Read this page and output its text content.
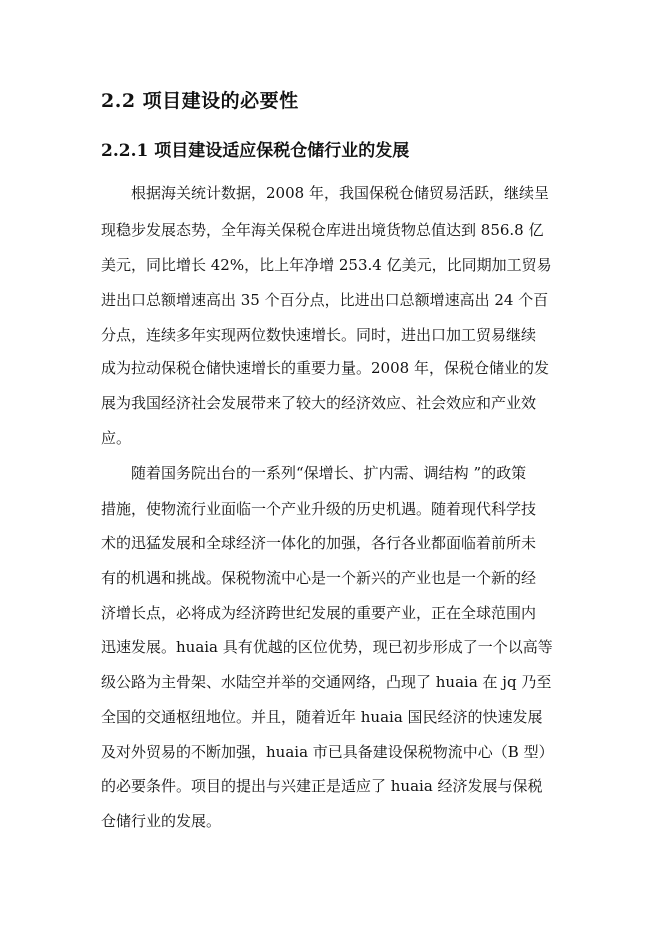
2.2 项目建设的必要性
2.2.1 项目建设适应保税仓储行业的发展
根据海关统计数据，2008 年，我国保税仓储贸易活跃，继续呈
现稳步发展态势，全年海关保税仓库进出境货物总值达到 856.8 亿
美元，同比增长 42%，比上年净增 253.4 亿美元，比同期加工贸易
进出口总额增速高出 35 个百分点，比进出口总额增速高出 24 个百
分点，连续多年实现两位数快速增长。同时，进出口加工贸易继续
成为拉动保税仓储快速增长的重要力量。2008 年，保税仓储业的发
展为我国经济社会发展带来了较大的经济效应、社会效应和产业效
应。
随着国务院出台的一系列“保增长、扩内需、调结构 ”的政策
措施，使物流行业面临一个产业升级的历史机遇。随着现代科学技
术的迅猛发展和全球经济一体化的加强，各行各业都面临着前所未
有的机遇和挑战。保税物流中心是一个新兴的产业也是一个新的经
济增长点，必将成为经济跨世纪发展的重要产业，正在全球范围内
迅速发展。huaia 具有优越的区位优势，现已初步形成了一个以高等
级公路为主骨架、水陆空并举的交通网络，凸现了 huaia 在 jq 乃至
全国的交通枢纽地位。并且，随着近年 huaia 国民经济的快速发展
及对外贸易的不断加强，huaia 市已具备建设保税物流中心（B 型）
的必要条件。项目的提出与兴建正是适应了 huaia 经济发展与保税
仓储行业的发展。
